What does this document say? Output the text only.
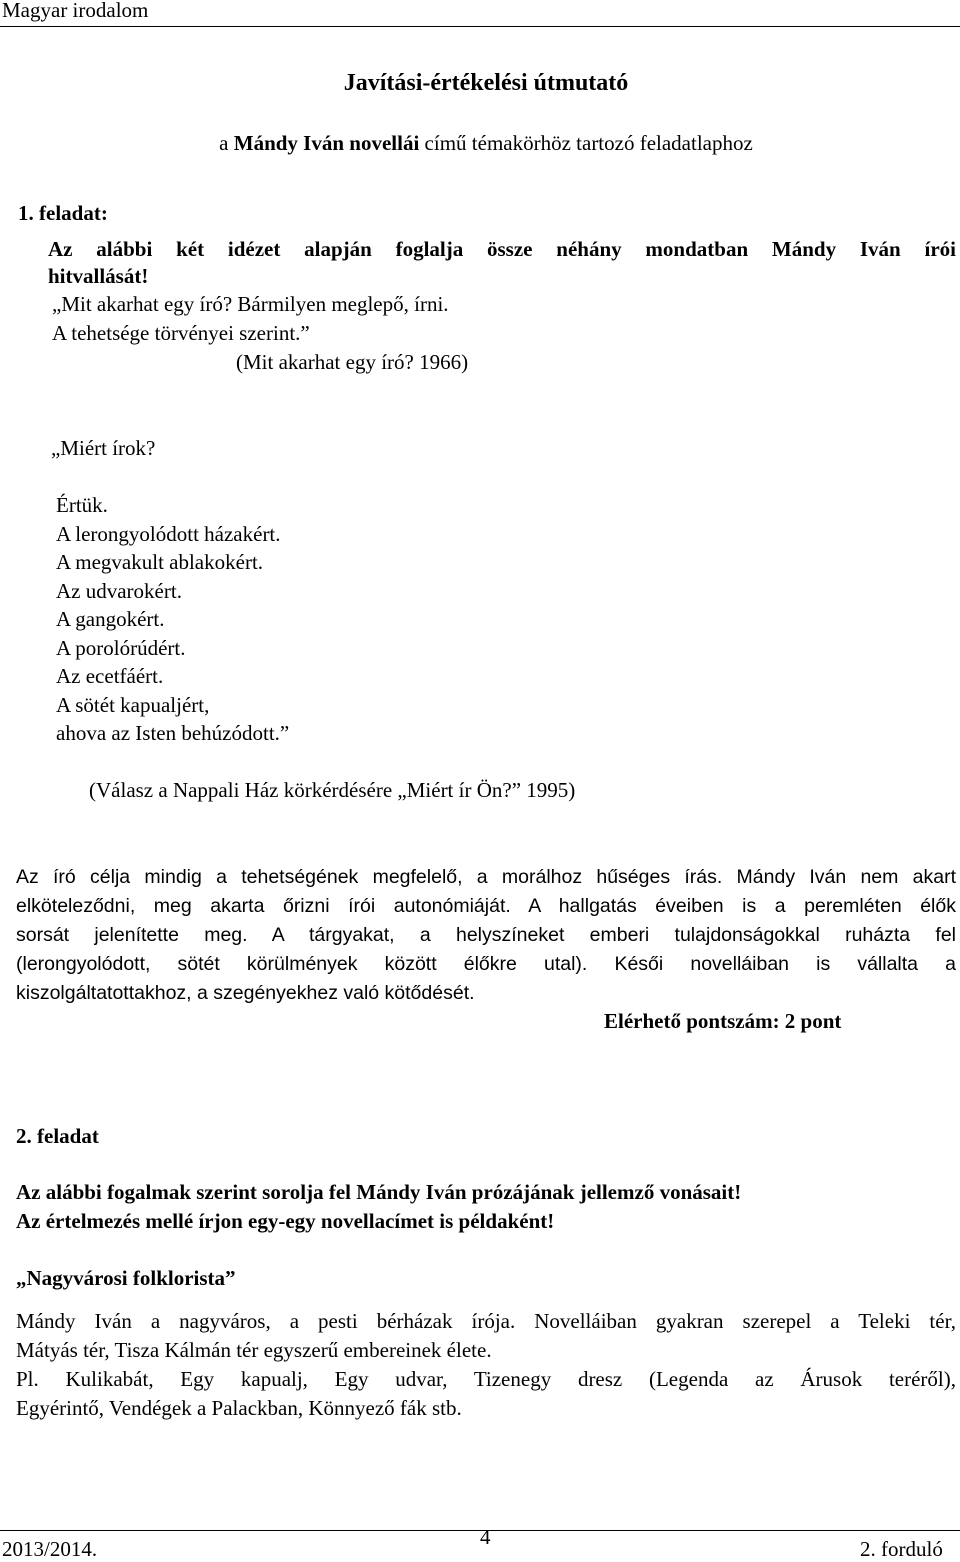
Magyar irodalom
Javítási-értékelési útmutató
a Mándy Iván novellái című témakörhöz tartozó feladatlaphoz
1. feladat:
Az alábbi két idézet alapján foglalja össze néhány mondatban Mándy Iván írói
hitvallását!
„Mit akarhat egy író? Bármilyen meglepő, írni.
A tehetsége törvényei szerint.”
(Mit akarhat egy író? 1966)
„Miért írok?
Értük.
A lerongyolódott házakért.
A megvakult ablakokért.
Az udvarokért.
A gangokért.
A porolórúdért.
Az ecetfáért.
A sötét kapualjért,
ahova az Isten behúzódott.”
(Válasz a Nappali Ház körkérdésére „Miért ír Ön?” 1995)
Az író célja mindig a tehetségének megfelelő, a morálhoz hűséges írás. Mándy Iván nem akart
elköteleződni, meg akarta őrizni írói autonómiáját. A hallgatás éveiben is a peremléten élők
sorsát jelenítette meg. A tárgyakat, a helyszíneket emberi tulajdonságokkal ruházta fel
(lerongyolódott, sötét körülmények között élőkre utal). Késői novelláiban is vállalta a
kiszolgáltatottakhoz, a szegényekhez való kötődését.
Elérhető pontszám: 2 pont
2. feladat
Az alábbi fogalmak szerint sorolja fel Mándy Iván prózájának jellemző vonásait!
Az értelmezés mellé írjon egy-egy novellacímet is példaként!
„Nagyvárosi folklorista”
Mándy Iván a nagyváros, a pesti bérházak írója. Novelláiban gyakran szerepel a Teleki tér,
Mátyás tér, Tisza Kálmán tér egyszerű embereinek élete.
Pl. Kulikabát, Egy kapualj, Egy udvar, Tizenegy dresz (Legenda az Árusok teréről),
Egyérintő, Vendégek a Palackban, Könnyező fák stb.
2013/2014.	4	2. forduló
